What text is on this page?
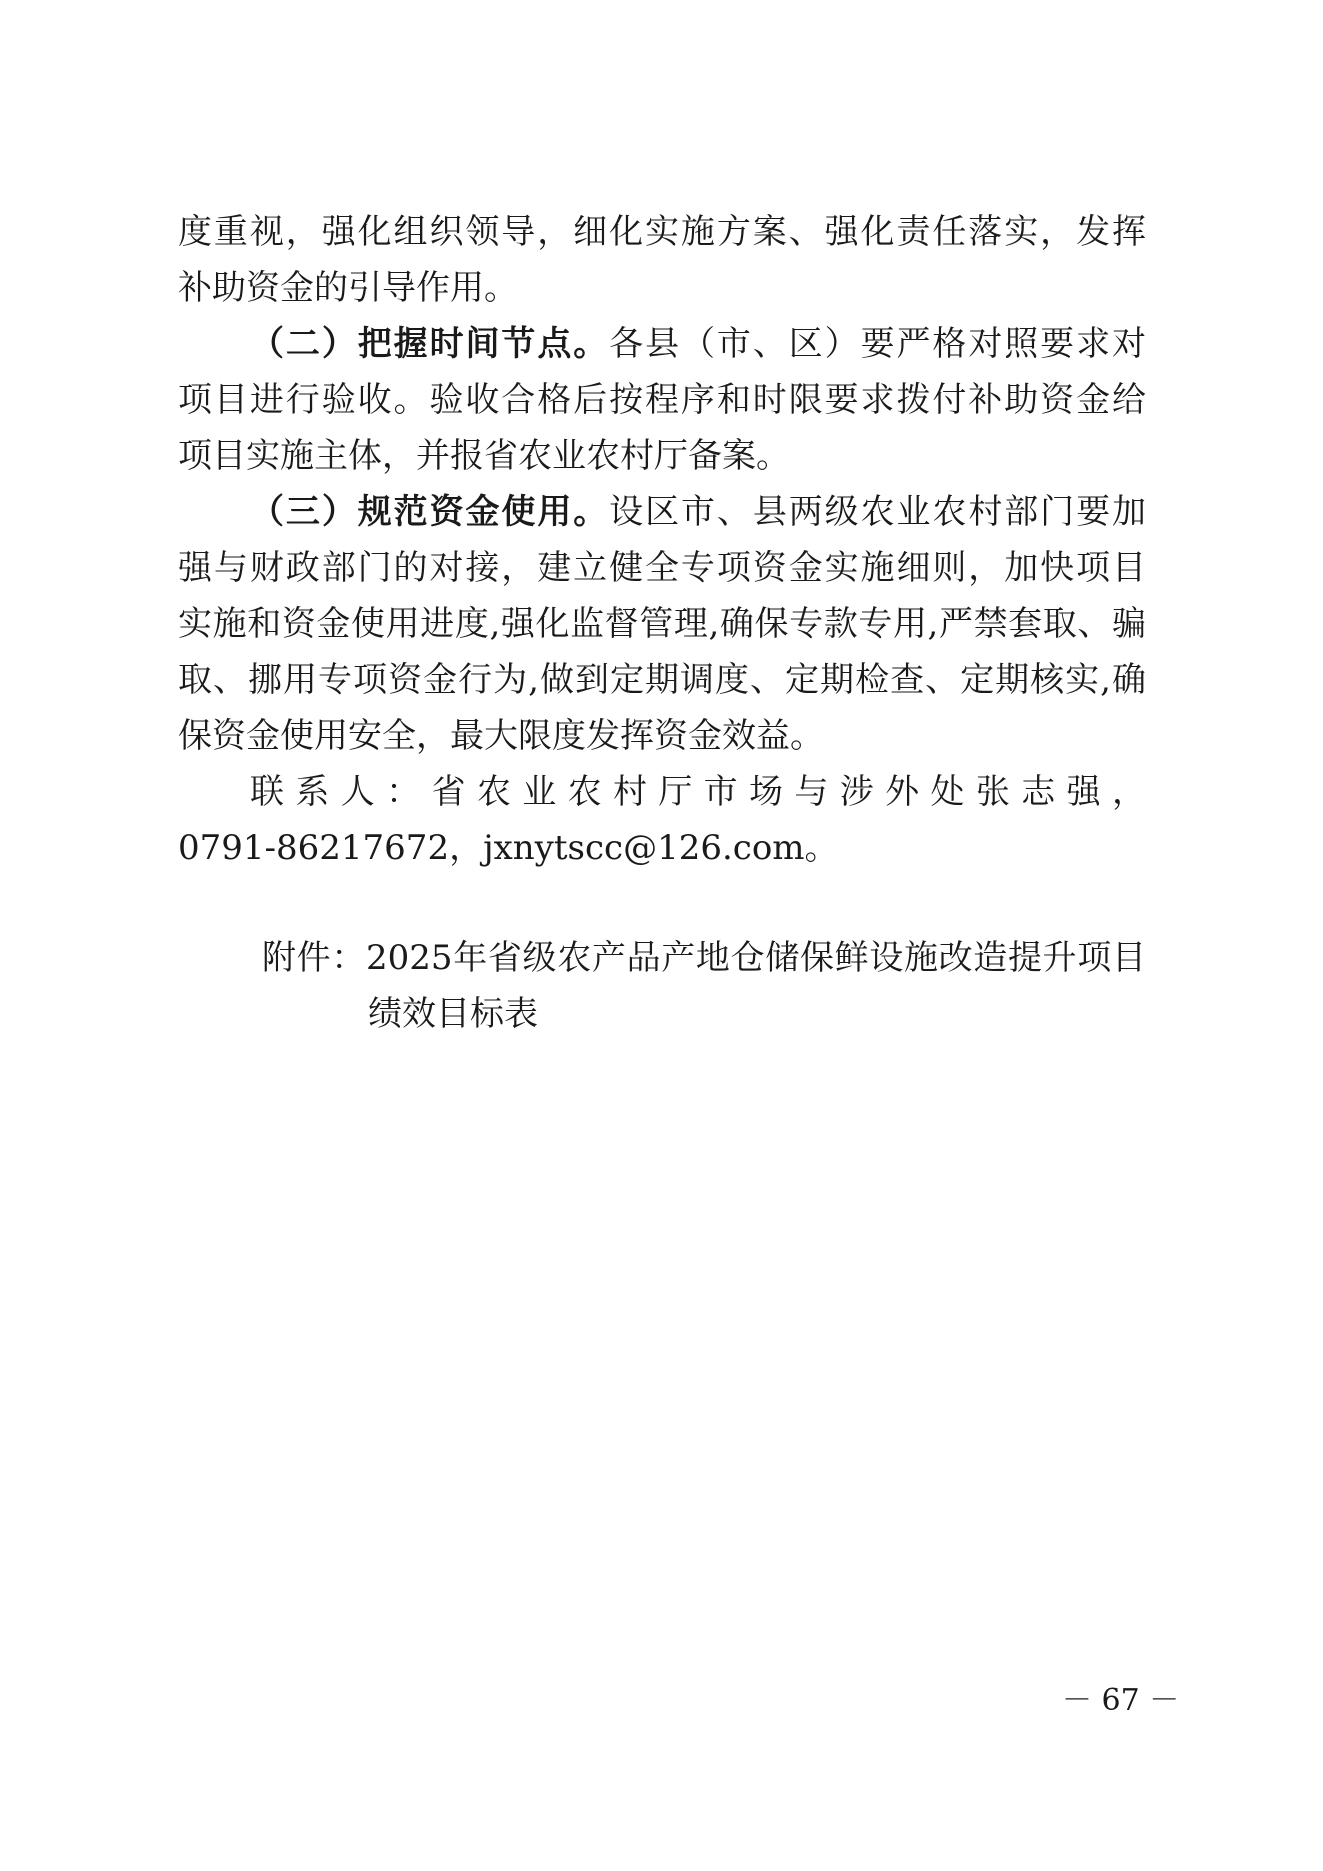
度重视，强化组织领导，细化实施方案、强化责任落实，发挥
补助资金的引导作用。
（二）把握时间节点。各县（市、区）要严格对照要求对
项目进行验收。验收合格后按程序和时限要求拨付补助资金给
项目实施主体，并报省农业农村厅备案。
（三）规范资金使用。设区市、县两级农业农村部门要加
强与财政部门的对接，建立健全专项资金实施细则，加快项目
实施和资金使用进度,强化监督管理,确保专款专用,严禁套取、骗
取、挪用专项资金行为,做到定期调度、定期检查、定期核实,确
保资金使用安全，最大限度发挥资金效益。
联系人：省农业农村厅市场与涉外处张志强，
0791-86217672，jxnytscc@126.com。
附件：2025年省级农产品产地仓储保鲜设施改造提升项目
绩效目标表
－ 67 －
